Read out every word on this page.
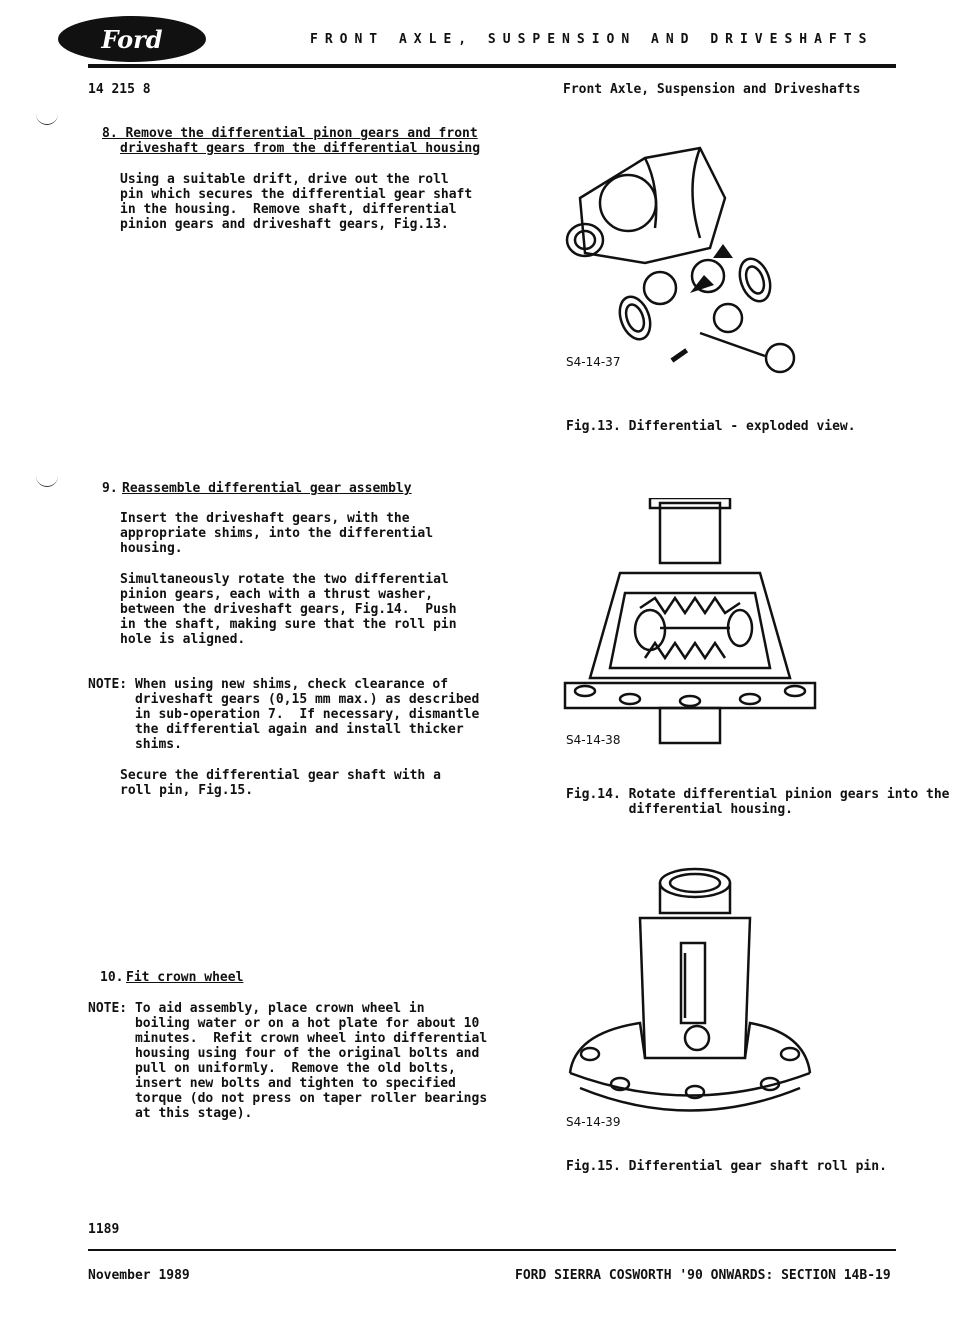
Ford	FRONT AXLE, SUSPENSION AND DRIVESHAFTS
14 215 8	Front Axle, Suspension and Driveshafts
8. Remove the differential pinon gears and front
driveshaft gears from the differential housing
Using a suitable drift, drive out the roll
pin which secures the differential gear shaft
in the housing.  Remove shaft, differential
pinion gears and driveshaft gears, Fig.13.
9. Reassemble differential gear assembly
Insert the driveshaft gears, with the
appropriate shims, into the differential
housing.
Simultaneously rotate the two differential
pinion gears, each with a thrust washer,
between the driveshaft gears, Fig.14.  Push
in the shaft, making sure that the roll pin
hole is aligned.
NOTE: When using new shims, check clearance of
driveshaft gears (0,15 mm max.) as described
in sub-operation 7.  If necessary, dismantle
the differential again and install thicker
shims.
Secure the differential gear shaft with a
roll pin, Fig.15.
10. Fit crown wheel
NOTE: To aid assembly, place crown wheel in
boiling water or on a hot plate for about 10
minutes.  Refit crown wheel into differential
housing using four of the original bolts and
pull on uniformly.  Remove the old bolts,
insert new bolts and tighten to specified
torque (do not press on taper roller bearings
at this stage).
S4-14-37
Fig.13. Differential - exploded view.
S4-14-38
Fig.14. Rotate differential pinion gears into the
differential housing.
S4-14-39
Fig.15. Differential gear shaft roll pin.
1189
November 1989	FORD SIERRA COSWORTH '90 ONWARDS: SECTION 14B-19
